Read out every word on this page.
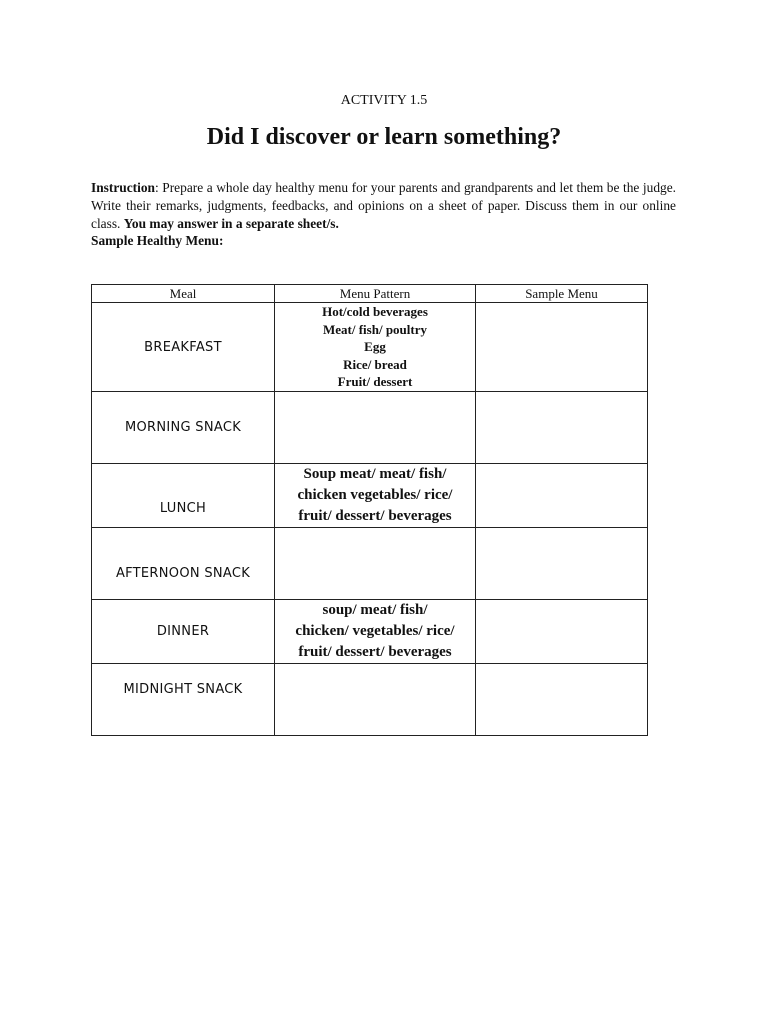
ACTIVITY 1.5
Did I discover or learn something?
Instruction: Prepare a whole day healthy menu for your parents and grandparents and let them be the judge. Write their remarks, judgments, feedbacks, and opinions on a sheet of paper. Discuss them in our online class. You may answer in a separate sheet/s.
Sample Healthy Menu:
Meal	Menu Pattern	Sample Menu
BREAKFAST	Hot/cold beverages
Meat/ fish/ poultry
Egg
Rice/ bread
Fruit/ dessert	

MORNING SNACK		
LUNCH	Soup meat/ meat/ fish/
chicken vegetables/ rice/
fruit/ dessert/ beverages	

AFTERNOON SNACK		
DINNER	soup/ meat/ fish/
chicken/ vegetables/ rice/
fruit/ dessert/ beverages	

MIDNIGHT SNACK		
